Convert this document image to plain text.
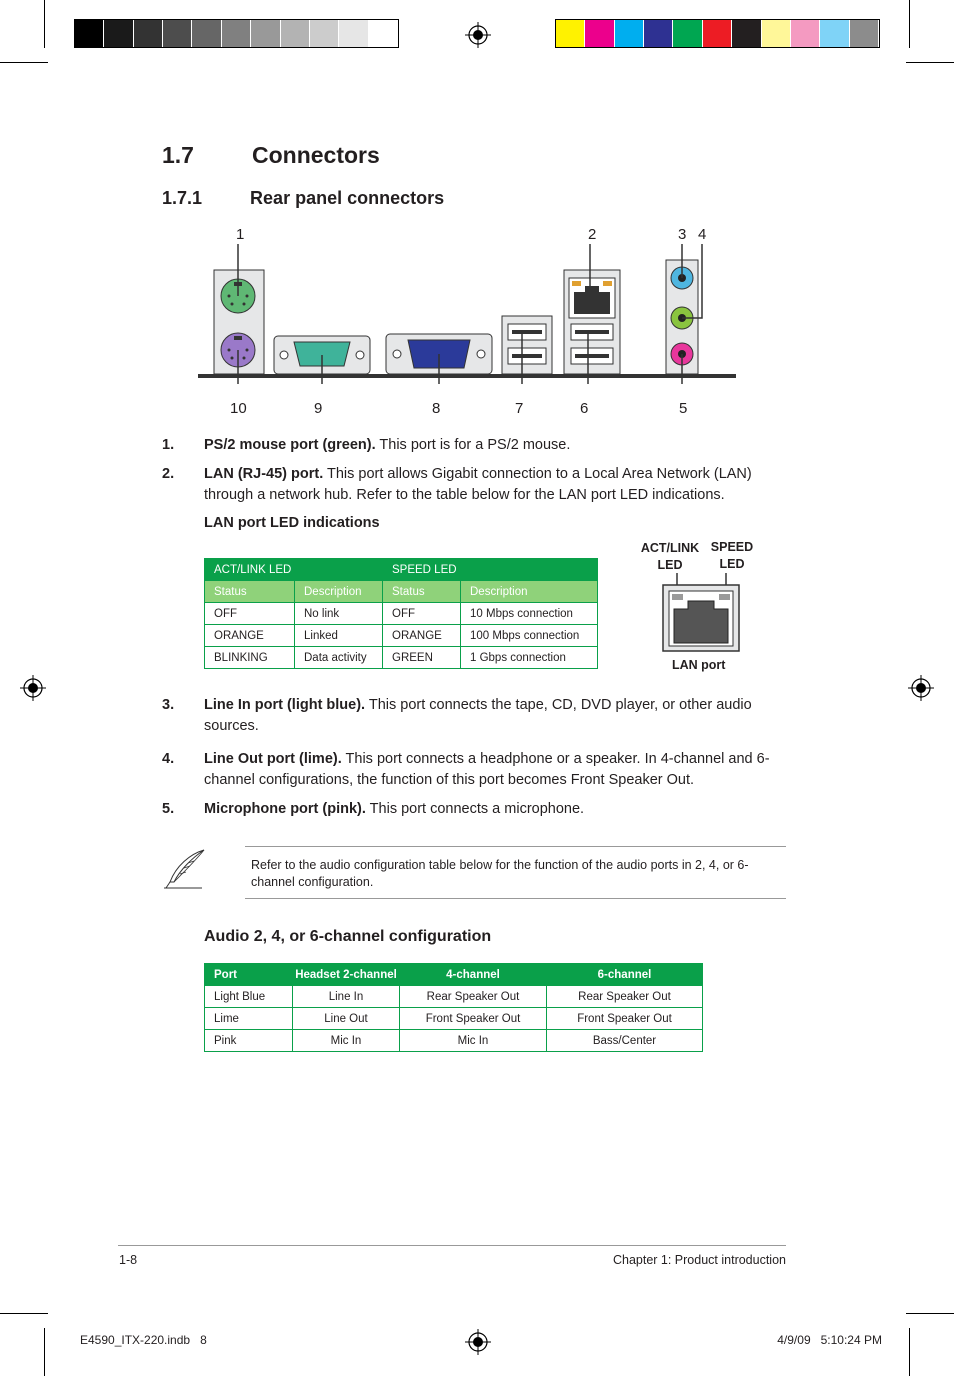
1.7	Connectors
1.7.1	Rear panel connectors
1	2	3 4
10	9	8	7	6	5
1. PS/2 mouse port (green). This port is for a PS/2 mouse.
2. LAN (RJ-45) port. This port allows Gigabit connection to a Local Area Network (LAN) through a network hub. Refer to the table below for the LAN port LED indications.
LAN port LED indications
ACT/LINK LED		SPEED LED	
Status	Description	Status	Description
OFF	No link	OFF	10 Mbps connection
ORANGE	Linked	ORANGE	100 Mbps connection
BLINKING	Data activity	GREEN	1 Gbps connection
ACT/LINK LED
SPEED LED
LAN port
3. Line In port (light blue). This port connects the tape, CD, DVD player, or other audio sources.
4. Line Out port (lime). This port connects a headphone or a speaker. In 4-channel and 6-channel configurations, the function of this port becomes Front Speaker Out.
5. Microphone port (pink). This port connects a microphone.
Refer to the audio configuration table below for the function of the audio ports in 2, 4, or 6-channel configuration.
Audio 2, 4, or 6-channel configuration
Port	Headset 2-channel	4-channel	6-channel
Light Blue	Line In	Rear Speaker Out	Rear Speaker Out
Lime	Line Out	Front Speaker Out	Front Speaker Out
Pink	Mic In	Mic In	Bass/Center
1-8	Chapter 1: Product introduction
E4590_ITX-220.indb   8	4/9/09   5:10:24 PM
